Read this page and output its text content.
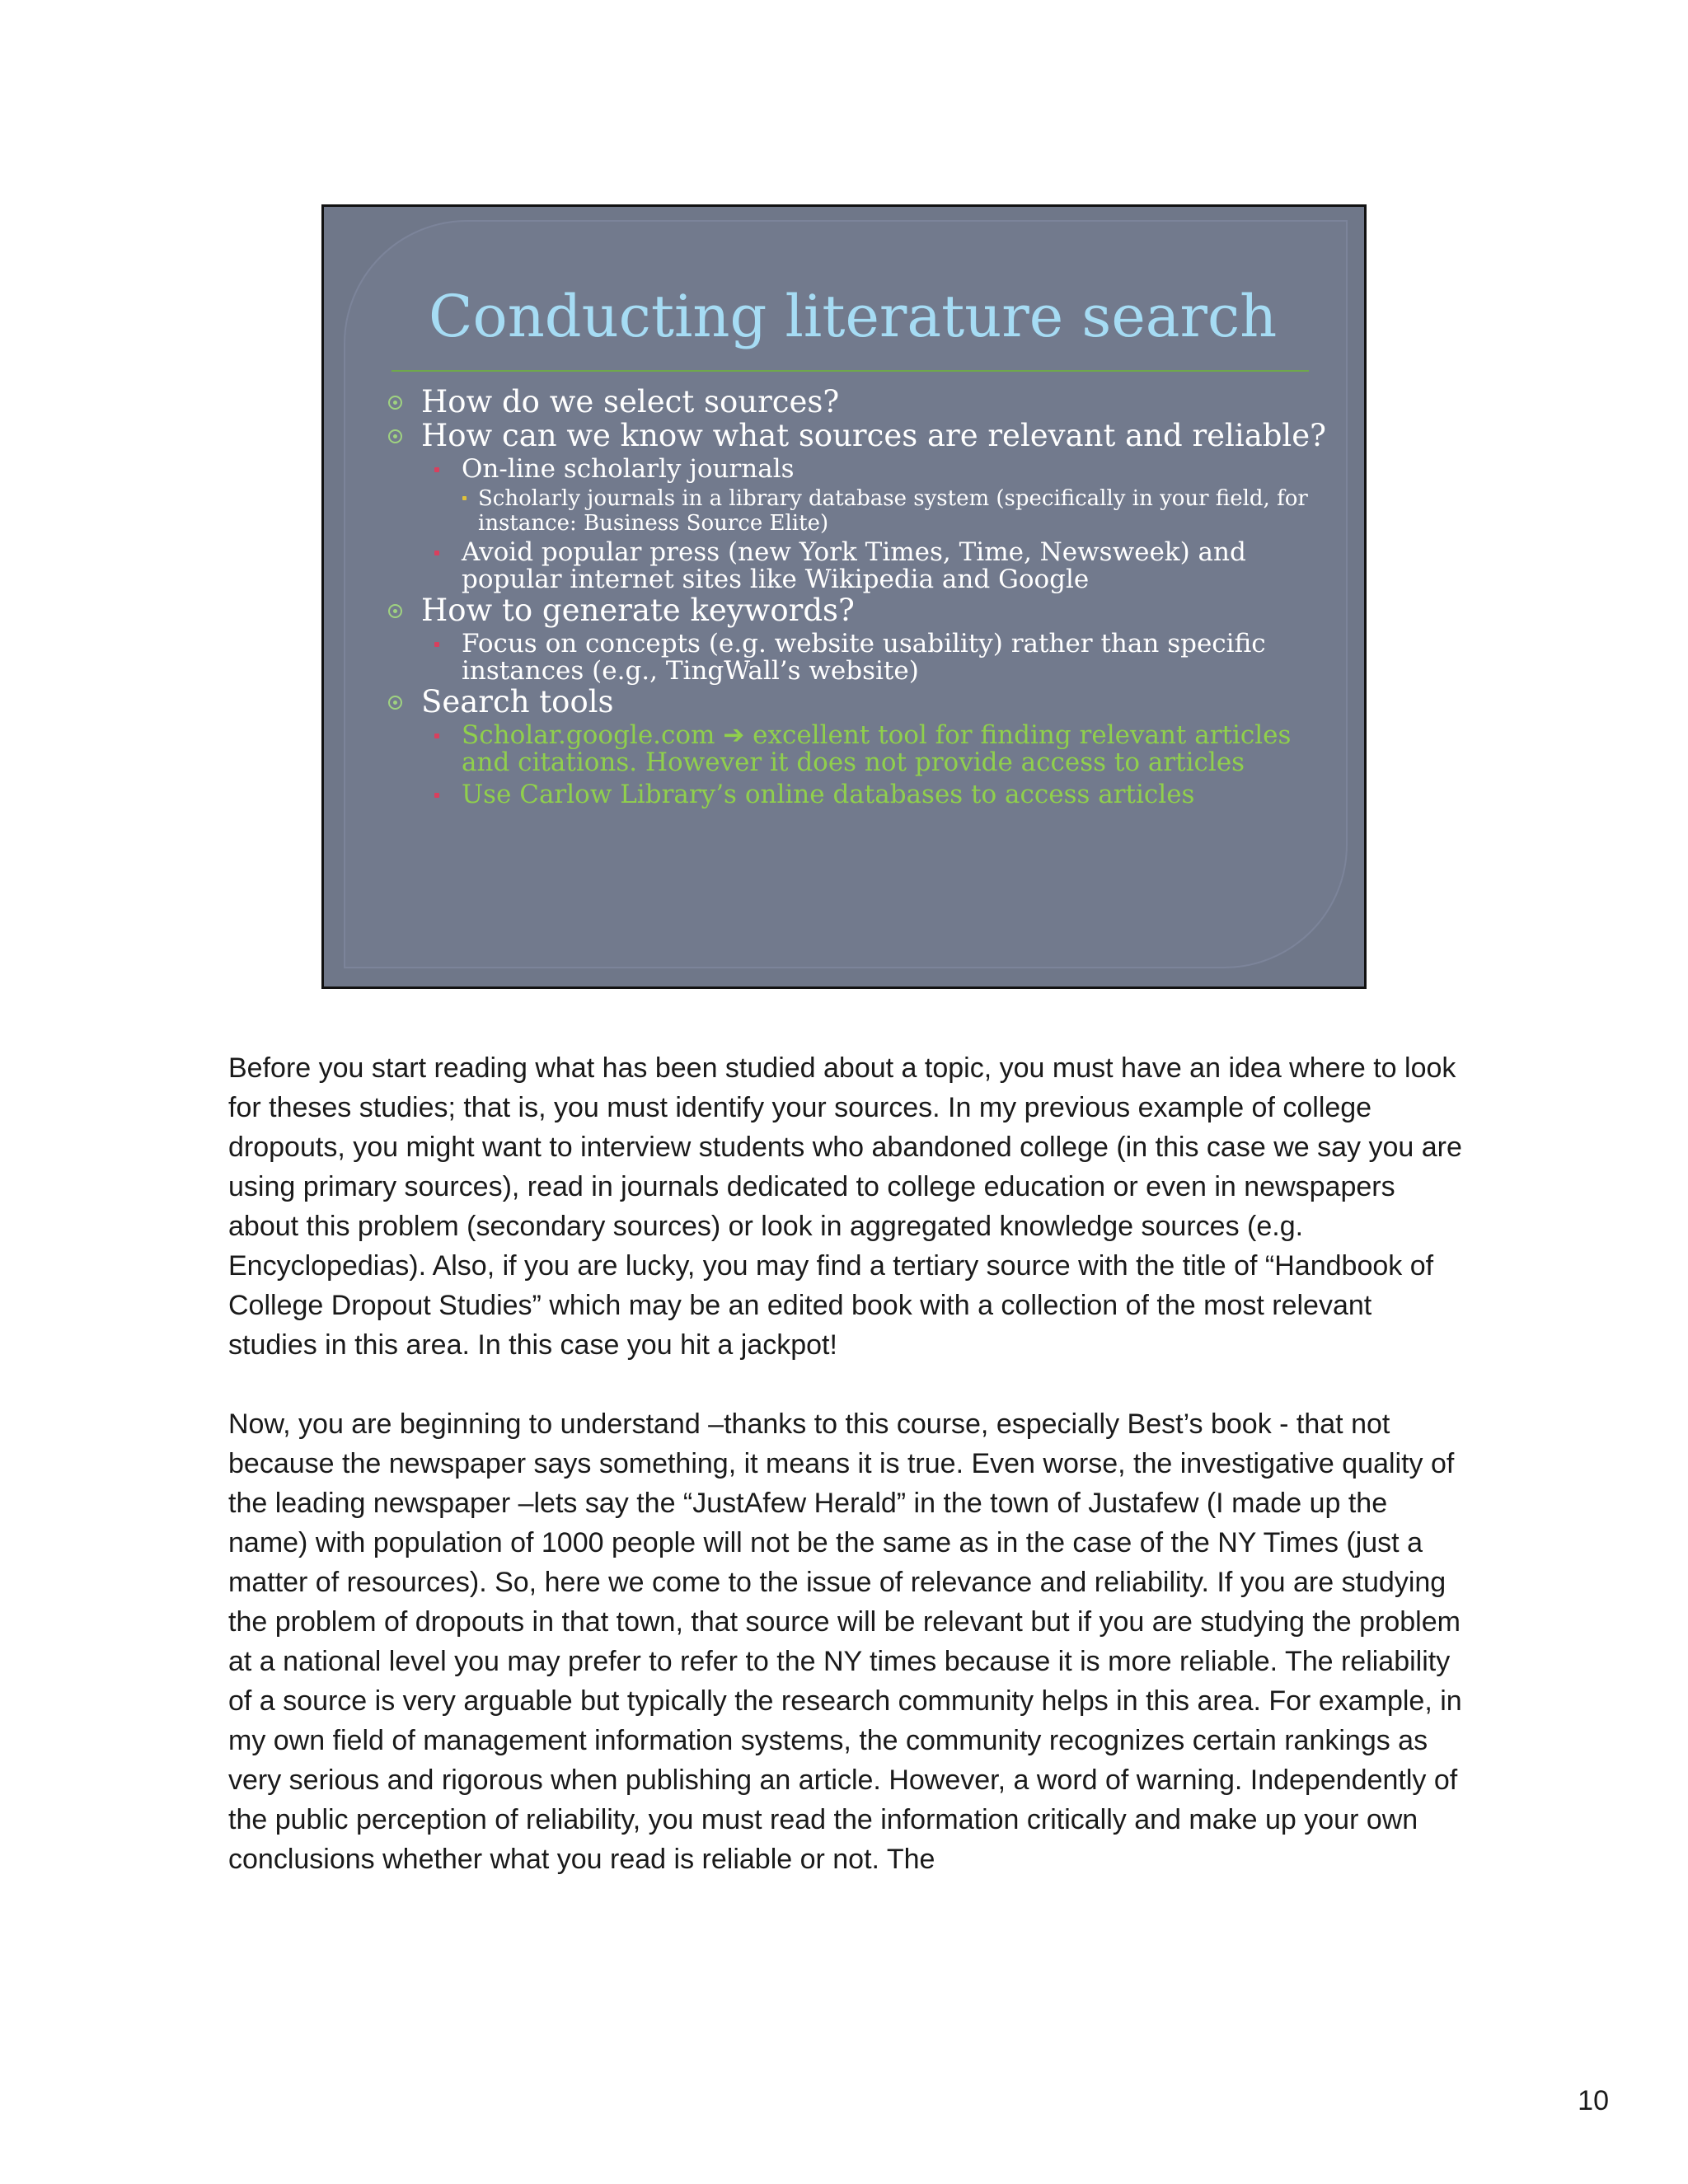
Conducting literature search
How do we select sources?
How can we know what sources are relevant and reliable?
On-line scholarly journals
Scholarly journals in a library database system (specifically in your field, for instance: Business Source Elite)
Avoid popular press (new York Times, Time, Newsweek) and popular internet sites like Wikipedia and Google
How to generate keywords?
Focus on concepts (e.g. website usability) rather than specific instances (e.g., TingWall’s website)
Search tools
Scholar.google.com ➔ excellent tool for finding relevant articles and citations. However it does not provide access to articles
Use Carlow Library’s online databases to access articles

Before you start reading what has been studied about a topic, you must have an idea where to look for theses studies; that is, you must identify your sources. In my previous example of college dropouts, you might want to interview students who abandoned college (in this case we say you are using primary sources), read in journals dedicated to college education or even in newspapers about this problem (secondary sources) or look in aggregated knowledge sources (e.g. Encyclopedias). Also, if you are lucky, you may find a tertiary source with the title of “Handbook of College Dropout Studies” which may be an edited book with a collection of the most relevant studies in this area. In this case you hit a jackpot!

Now, you are beginning to understand –thanks to this course, especially Best’s book - that not because the newspaper says something, it means it is true. Even worse, the investigative quality of the leading newspaper –lets say the “JustAfew Herald” in the town of Justafew (I made up the name) with population of 1000 people will not be the same as in the case of the NY Times (just a matter of resources). So, here we come to the issue of relevance and reliability. If you are studying the problem of dropouts in that town, that source will be relevant but if you are studying the problem at a national level you may prefer to refer to the NY times because it is more reliable. The reliability of a source is very arguable but typically the research community helps in this area. For example, in my own field of management information systems, the community recognizes certain rankings as very serious and rigorous when publishing an article. However, a word of warning. Independently of the public perception of reliability, you must read the information critically and make up your own conclusions whether what you read is reliable or not. The

10
